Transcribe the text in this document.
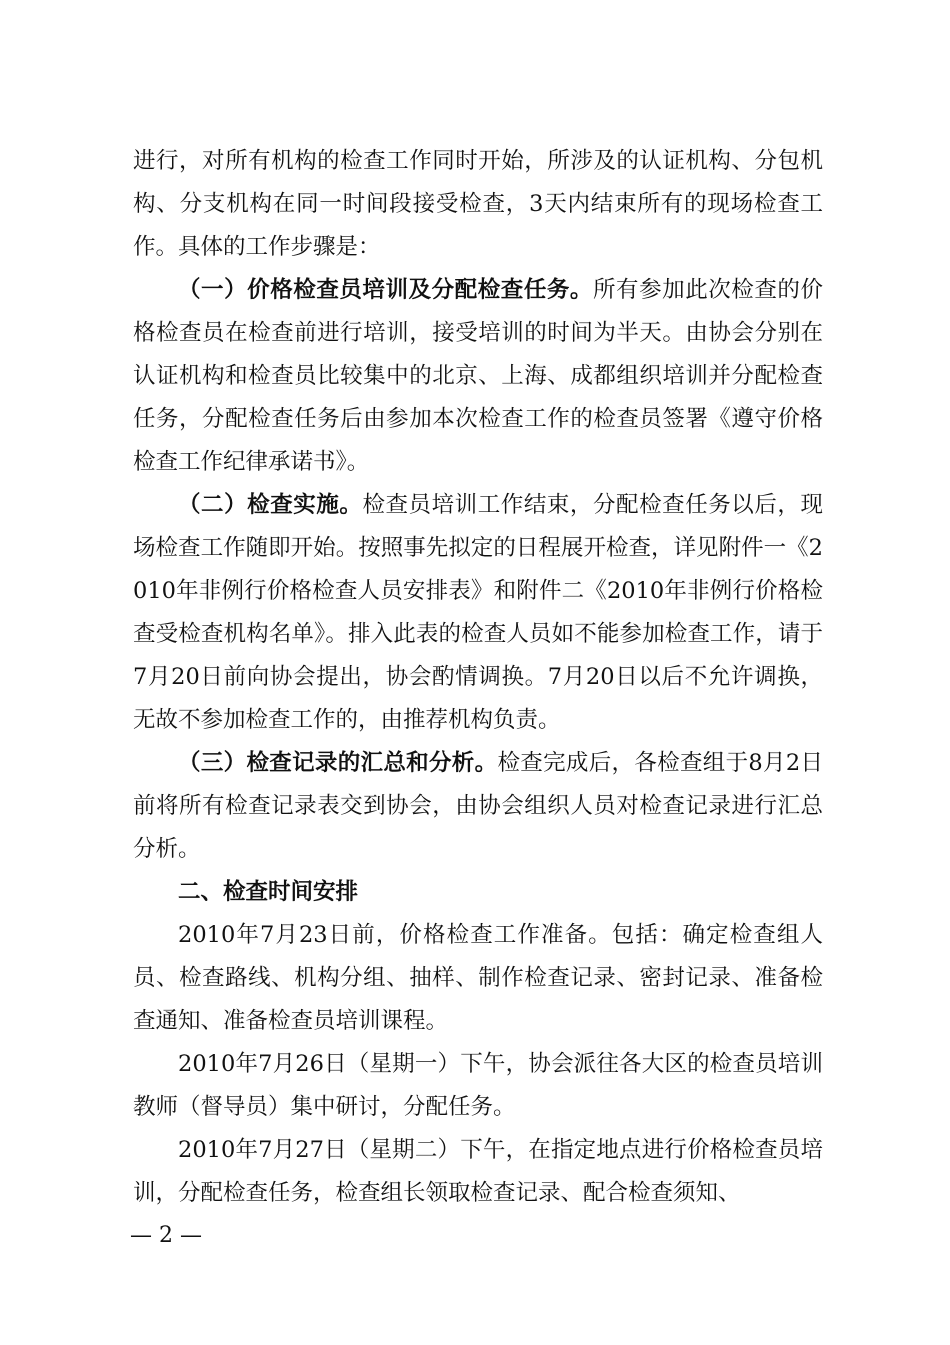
进行，对所有机构的检查工作同时开始，所涉及的认证机构、分包机构、分支机构在同一时间段接受检查，3天内结束所有的现场检查工作。具体的工作步骤是：

（一）价格检查员培训及分配检查任务。所有参加此次检查的价格检查员在检查前进行培训，接受培训的时间为半天。由协会分别在认证机构和检查员比较集中的北京、上海、成都组织培训并分配检查任务，分配检查任务后由参加本次检查工作的检查员签署《遵守价格检查工作纪律承诺书》。

（二）检查实施。检查员培训工作结束，分配检查任务以后，现场检查工作随即开始。按照事先拟定的日程展开检查，详见附件一《2010年非例行价格检查人员安排表》和附件二《2010年非例行价格检查受检查机构名单》。排入此表的检查人员如不能参加检查工作，请于7月20日前向协会提出，协会酌情调换。7月20日以后不允许调换，无故不参加检查工作的，由推荐机构负责。

（三）检查记录的汇总和分析。检查完成后，各检查组于8月2日前将所有检查记录表交到协会，由协会组织人员对检查记录进行汇总分析。

二、检查时间安排

2010年7月23日前，价格检查工作准备。包括：确定检查组人员、检查路线、机构分组、抽样、制作检查记录、密封记录、准备检查通知、准备检查员培训课程。

2010年7月26日（星期一）下午，协会派往各大区的检查员培训教师（督导员）集中研讨，分配任务。

2010年7月27日（星期二）下午，在指定地点进行价格检查员培训，分配检查任务，检查组长领取检查记录、配合检查须知、

— 2 —
